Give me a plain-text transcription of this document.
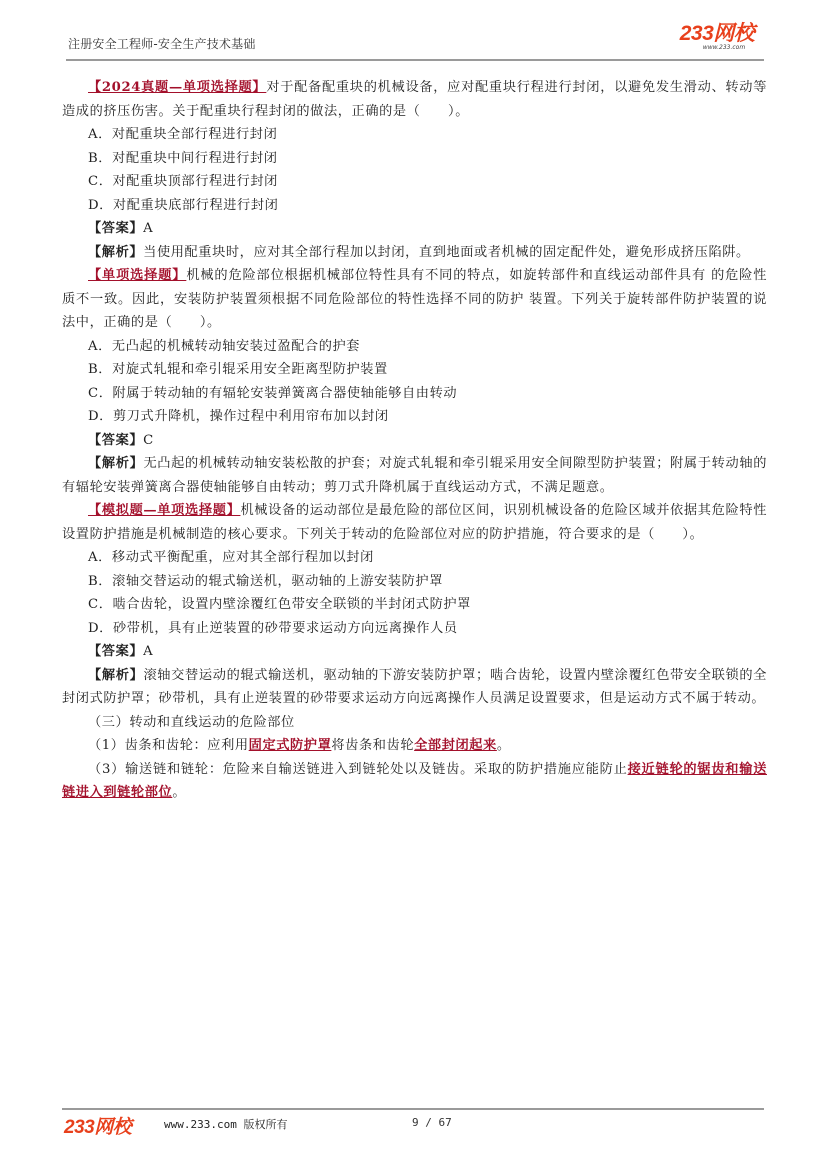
注册安全工程师-安全生产技术基础	233网校
www.233.com

【2024真题—单项选择题】对于配备配重块的机械设备，应对配重块行程进行封闭，以避免发生滑动、转动等造成的挤压伤害。关于配重块行程封闭的做法，正确的是（　　）。

A．对配重块全部行程进行封闭

B．对配重块中间行程进行封闭

C．对配重块顶部行程进行封闭

D．对配重块底部行程进行封闭

【答案】A

【解析】当使用配重块时，应对其全部行程加以封闭，直到地面或者机械的固定配件处，避免形成挤压陷阱。

【单项选择题】机械的危险部位根据机械部位特性具有不同的特点，如旋转部件和直线运动部件具有 的危险性质不一致。因此，安装防护装置须根据不同危险部位的特性选择不同的防护 装置。下列关于旋转部件防护装置的说法中，正确的是（　　）。

A．无凸起的机械转动轴安装过盈配合的护套

B．对旋式轧辊和牵引辊采用安全距离型防护装置

C．附属于转动轴的有辐轮安装弹簧离合器使轴能够自由转动

D．剪刀式升降机，操作过程中利用帘布加以封闭

【答案】C

【解析】无凸起的机械转动轴安装松散的护套；对旋式轧辊和牵引辊采用安全间隙型防护装置；附属于转动轴的有辐轮安装弹簧离合器使轴能够自由转动；剪刀式升降机属于直线运动方式，不满足题意。

【模拟题—单项选择题】机械设备的运动部位是最危险的部位区间，识别机械设备的危险区域并依据其危险特性设置防护措施是机械制造的核心要求。下列关于转动的危险部位对应的防护措施，符合要求的是（　　）。

A．移动式平衡配重，应对其全部行程加以封闭

B．滚轴交替运动的辊式输送机，驱动轴的上游安装防护罩

C．啮合齿轮，设置内壁涂覆红色带安全联锁的半封闭式防护罩

D．砂带机，具有止逆装置的砂带要求运动方向远离操作人员

【答案】A

【解析】滚轴交替运动的辊式输送机，驱动轴的下游安装防护罩；啮合齿轮，设置内壁涂覆红色带安全联锁的全封闭式防护罩；砂带机，具有止逆装置的砂带要求运动方向远离操作人员满足设置要求，但是运动方式不属于转动。

（三）转动和直线运动的危险部位

（1）齿条和齿轮：应利用固定式防护罩将齿条和齿轮全部封闭起来。

（3）输送链和链轮：危险来自输送链进入到链轮处以及链齿。采取的防护措施应能防止接近链轮的锯齿和输送链进入到链轮部位。

233网校	www.233.com 版权所有	9 / 67
